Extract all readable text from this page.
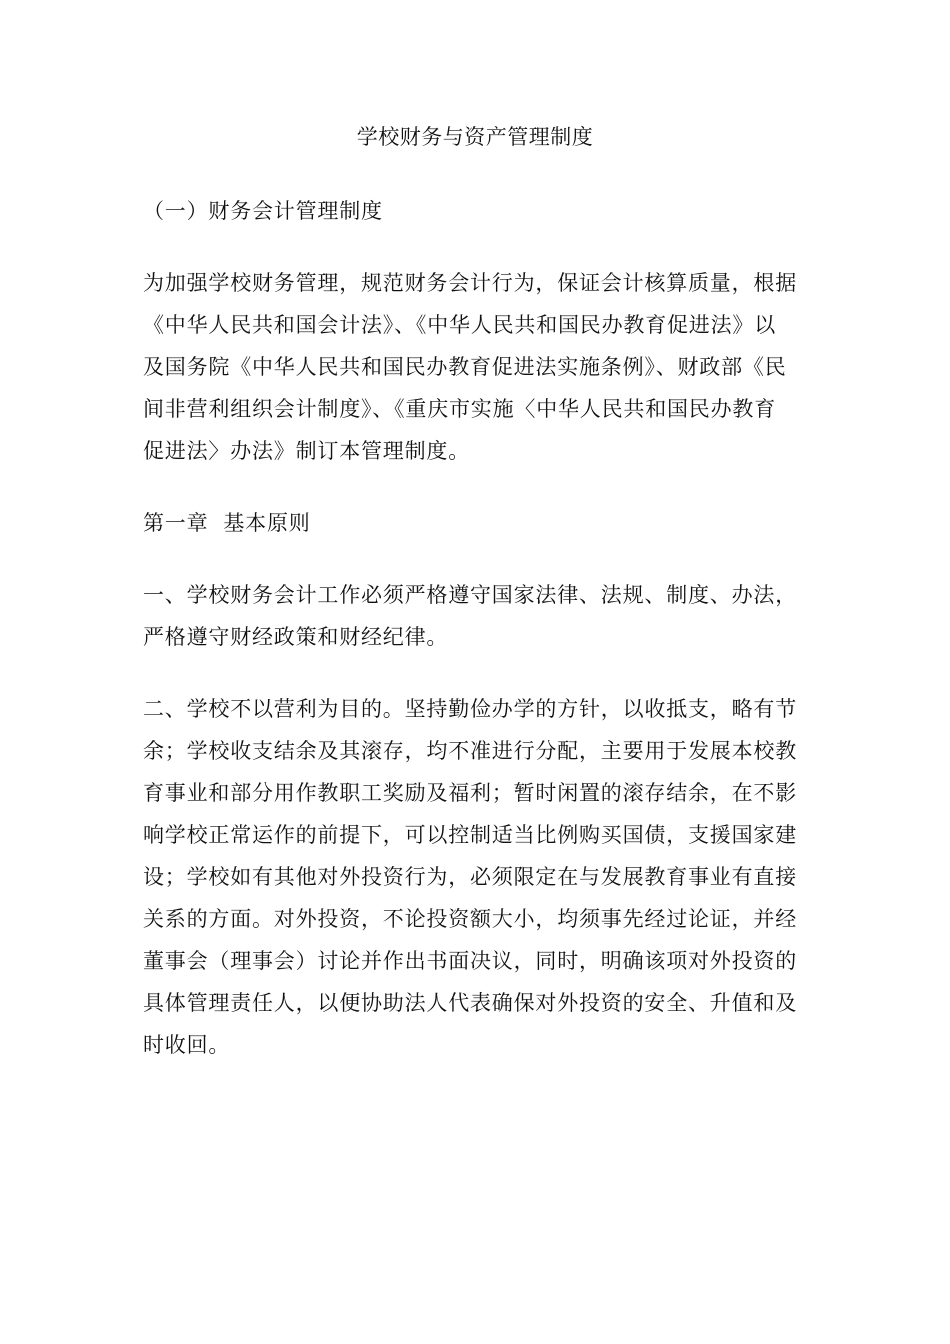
学校财务与资产管理制度
（一）财务会计管理制度
为加强学校财务管理，规范财务会计行为，保证会计核算质量，根据
《中华人民共和国会计法》、《中华人民共和国民办教育促进法》以
及国务院《中华人民共和国民办教育促进法实施条例》、财政部《民
间非营利组织会计制度》、《重庆市实施〈中华人民共和国民办教育
促进法〉办法》制订本管理制度。
第一章  基本原则
一、学校财务会计工作必须严格遵守国家法律、法规、制度、办法，
严格遵守财经政策和财经纪律。
二、学校不以营利为目的。坚持勤俭办学的方针，以收抵支，略有节
余；学校收支结余及其滚存，均不准进行分配，主要用于发展本校教
育事业和部分用作教职工奖励及福利；暂时闲置的滚存结余，在不影
响学校正常运作的前提下，可以控制适当比例购买国债，支援国家建
设；学校如有其他对外投资行为，必须限定在与发展教育事业有直接
关系的方面。对外投资，不论投资额大小，均须事先经过论证，并经
董事会（理事会）讨论并作出书面决议，同时，明确该项对外投资的
具体管理责任人，以便协助法人代表确保对外投资的安全、升值和及
时收回。
